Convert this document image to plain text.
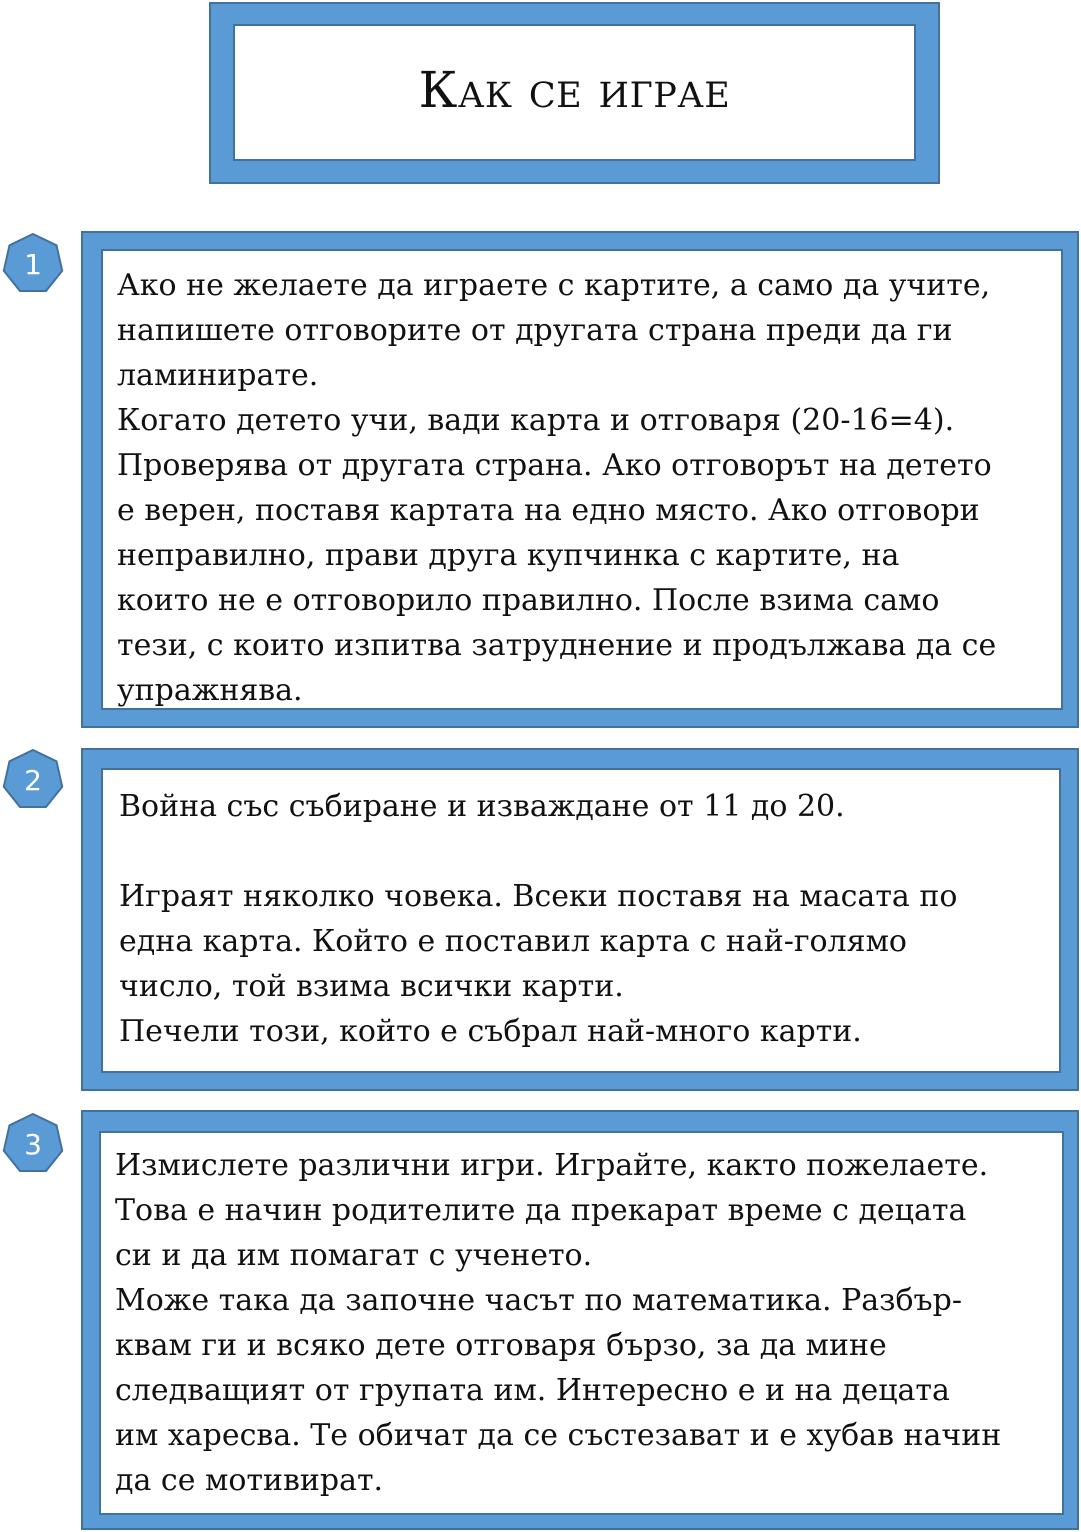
Как се играе

Ако не желаете да играете с картите, а само да учите,

напишете отговорите от другата страна преди да ги

ламинирате.

Когато детето учи, вади карта и отговаря (20-16=4).

Проверява от другата страна. Ако отговорът на детето

е верен, поставя картата на едно място. Ако отговори

неправилно, прави друга купчинка с картите, на

които не е отговорило правилно. После взима само

тези, с които изпитва затруднение и продължава да се

упражнява.

1

Война със събиране и изваждане от 11 до 20.

Играят няколко човека. Всеки поставя на масата по

една карта. Който е поставил карта с най-голямо

число, той взима всички карти.

Печели този, който е събрал най-много карти.

2

Измислете различни игри. Играйте, както пожелаете.

Това е начин родителите да прекарат време с децата

си и да им помагат с ученето.

Може така да започне часът по математика. Разбър-

квам ги и всяко дете отговаря бързо, за да мине

следващият от групата им. Интересно е и на децата

им харесва. Те обичат да се състезават и е хубав начин

да се мотивират.

3
